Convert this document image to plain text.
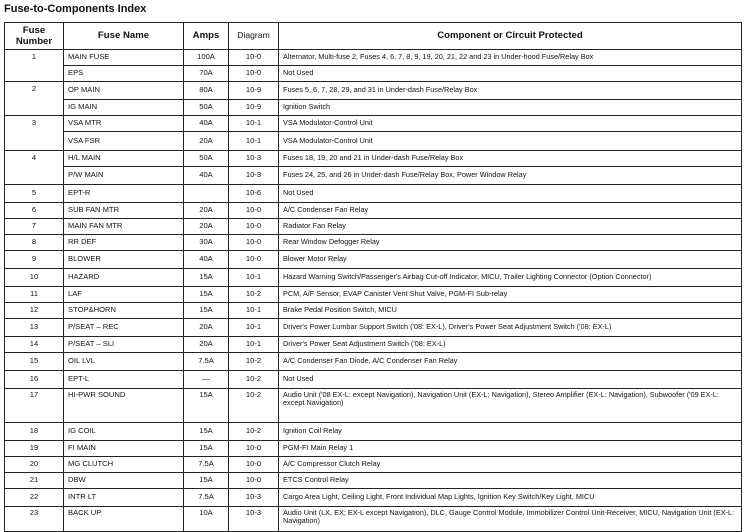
Fuse-to-Components Index
Fuse Number	Fuse Name	Amps	Diagram	Component or Circuit Protected
1	MAIN FUSE	100A	10-0	Alternator, Multi-fuse 2, Fuses 4, 6, 7, 8, 9, 19, 20, 21, 22 and 23 in Under-hood Fuse/Relay Box
	EPS	70A	10-0	Not Used
2	OP MAIN	80A	10-9	Fuses 5, 6, 7, 28, 29, and 31 in Under-dash Fuse/Relay Box
	IG MAIN	50A	10-9	Ignition Switch
3	VSA MTR	40A	10-1	VSA Modulator-Control Unit
	VSA FSR	20A	10-1	VSA Modulator-Control Unit
4	H/L MAIN	50A	10-3	Fuses 18, 19, 20 and 21 in Under-dash Fuse/Relay Box
	P/W MAIN	40A	10-3	Fuses 24, 25, and 26 in Under-dash Fuse/Relay Box, Power Window Relay
5	EPT-R		10-6	Not Used
6	SUB FAN MTR	20A	10-0	A/C Condenser Fan Relay
7	MAIN FAN MTR	20A	10-0	Radiator Fan Relay
8	RR DEF	30A	10-0	Rear Window Defogger Relay
9	BLOWER	40A	10-0	Blower Motor Relay
10	HAZARD	15A	10-1	Hazard Warning Switch/Passenger's Airbag Cut-off Indicator, MICU, Trailer Lighting Connector (Option Connector)
11	LAF	15A	10-2	PCM, A/F Sensor, EVAP Canister Vent Shut Valve, PGM-FI Sub-relay
12	STOP&HORN	15A	10-1	Brake Pedal Position Switch, MICU
13	P/SEAT – REC	20A	10-1	Driver's Power Lumbar Support Switch ('08: EX-L), Driver's Power Seat Adjustment Switch ('08: EX-L)
14	P/SEAT – SLI	20A	10-1	Driver's Power Seat Adjustment Switch ('08: EX-L)
15	OIL LVL	7.5A	10-2	A/C Condenser Fan Diode, A/C Condenser Fan Relay
16	EPT-L	—	10-2	Not Used
17	HI-PWR SOUND	15A	10-2	Audio Unit ('08 EX-L: except Navigation), Navigation Unit (EX-L: Navigation), Stereo Amplifier (EX-L: Navigation), Subwoofer ('09 EX-L: except Navigation)
18	IG COIL	15A	10-2	Ignition Coil Relay
19	FI MAIN	15A	10-0	PGM-FI Main Relay 1
20	MG CLUTCH	7.5A	10-0	A/C Compressor Clutch Relay
21	DBW	15A	10-0	ETCS Control Relay
22	INTR LT	7.5A	10-3	Cargo Area Light, Ceiling Light, Front Individual Map Lights, Ignition Key Switch/Key Light, MICU
23	BACK UP	10A	10-3	Audio Unit (LX, EX; EX-L except Navigation), DLC, Gauge Control Module, Immobilizer Control Unit-Receiver, MICU, Navigation Unit (EX-L: Navigation)
